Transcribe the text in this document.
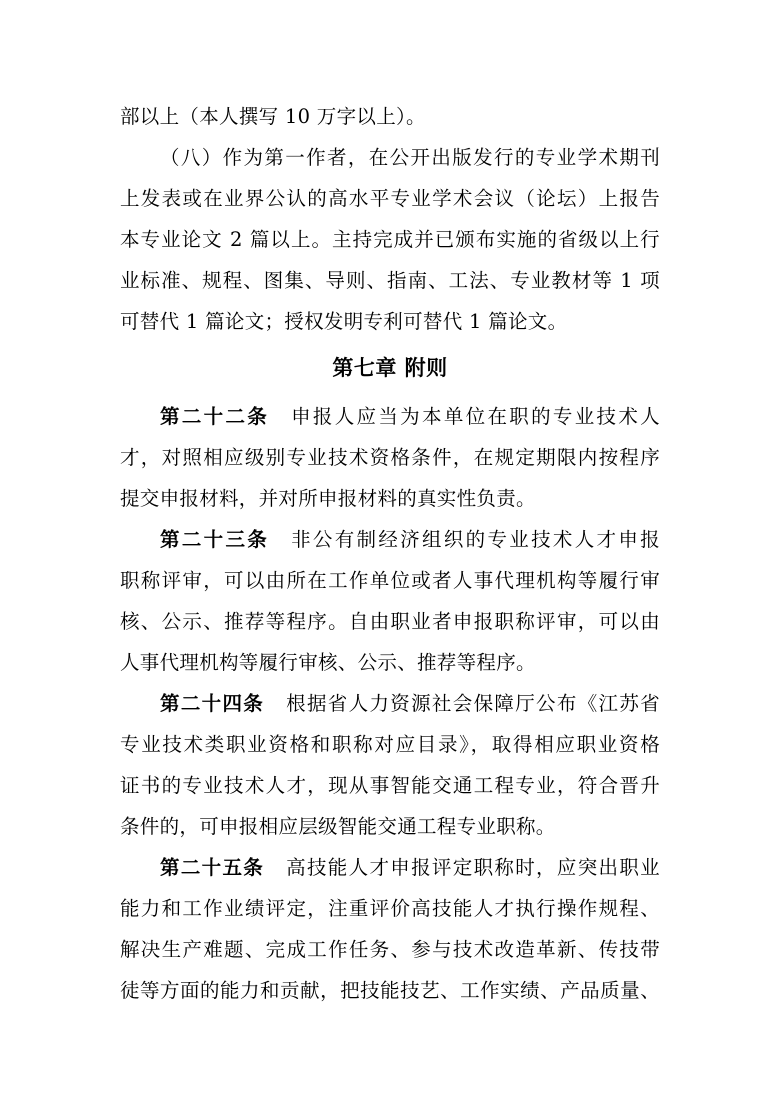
部以上（本人撰写 10 万字以上）。
（八）作为第一作者，在公开出版发行的专业学术期刊
上发表或在业界公认的高水平专业学术会议（论坛）上报告
本专业论文 2 篇以上。主持完成并已颁布实施的省级以上行
业标准、规程、图集、导则、指南、工法、专业教材等 1 项
可替代 1 篇论文；授权发明专利可替代 1 篇论文。
第七章 附则
第二十二条 申报人应当为本单位在职的专业技术人
才，对照相应级别专业技术资格条件，在规定期限内按程序
提交申报材料，并对所申报材料的真实性负责。
第二十三条 非公有制经济组织的专业技术人才申报
职称评审，可以由所在工作单位或者人事代理机构等履行审
核、公示、推荐等程序。自由职业者申报职称评审，可以由
人事代理机构等履行审核、公示、推荐等程序。
第二十四条 根据省人力资源社会保障厅公布《江苏省
专业技术类职业资格和职称对应目录》，取得相应职业资格
证书的专业技术人才，现从事智能交通工程专业，符合晋升
条件的，可申报相应层级智能交通工程专业职称。
第二十五条 高技能人才申报评定职称时，应突出职业
能力和工作业绩评定，注重评价高技能人才执行操作规程、
解决生产难题、完成工作任务、参与技术改造革新、传技带
徒等方面的能力和贡献，把技能技艺、工作实绩、产品质量、
